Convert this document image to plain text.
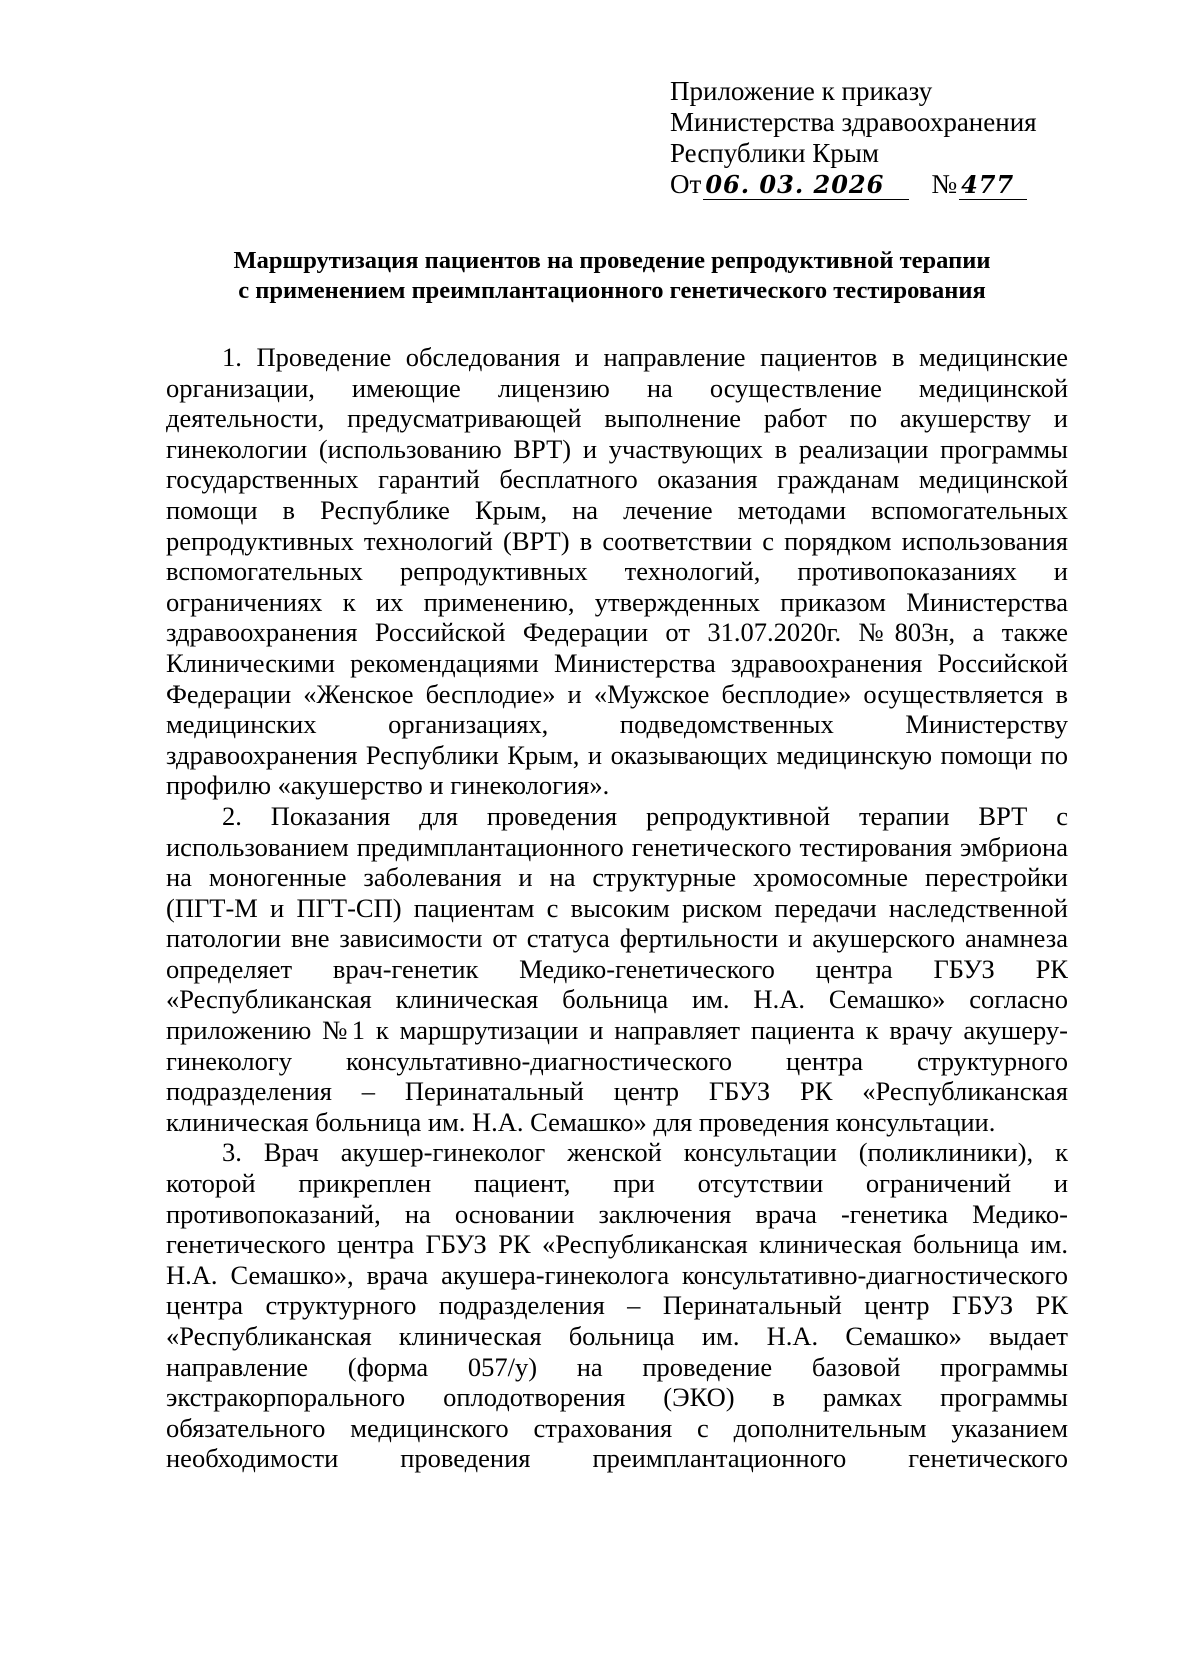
Приложение к приказу
Министерства здравоохранения
Республики Крым
От 06. 03. 2026	№ 477
Маршрутизация пациентов на проведение репродуктивной терапии
с применением преимплантационного генетического тестирования

1. Проведение обследования и направление пациентов в медицинские организации, имеющие лицензию на осуществление медицинской деятельности, предусматривающей выполнение работ по акушерству и гинекологии (использованию ВРТ) и участвующих в реализации программы государственных гарантий бесплатного оказания гражданам медицинской помощи в Республике Крым, на лечение методами вспомогательных репродуктивных технологий (ВРТ) в соответствии с порядком использования вспомогательных репродуктивных технологий, противопоказаниях и ограничениях к их применению, утвержденных приказом Министерства здравоохранения Российской Федерации от 31.07.2020г. №803н, а также Клиническими рекомендациями Министерства здравоохранения Российской Федерации «Женское бесплодие» и «Мужское бесплодие» осуществляется в медицинских организациях, подведомственных Министерству здравоохранения Республики Крым, и оказывающих медицинскую помощи по профилю «акушерство и гинекология».

2. Показания для проведения репродуктивной терапии ВРТ с использованием предимплантационного генетического тестирования эмбриона на моногенные заболевания и на структурные хромосомные перестройки (ПГТ-М и ПГТ-СП) пациентам с высоким риском передачи наследственной патологии вне зависимости от статуса фертильности и акушерского анамнеза определяет врач-генетик Медико-генетического центра ГБУЗ РК «Республиканская клиническая больница им. Н.А. Семашко» согласно приложению №1 к маршрутизации и направляет пациента к врачу акушеру-гинекологу консультативно-диагностического центра структурного подразделения – Перинатальный центр ГБУЗ РК «Республиканская клиническая больница им. Н.А. Семашко» для проведения консультации.

3. Врач акушер-гинеколог женской консультации (поликлиники), к которой прикреплен пациент, при отсутствии ограничений и противопоказаний, на основании заключения врача -генетика Медико-генетического центра ГБУЗ РК «Республиканская клиническая больница им. Н.А. Семашко», врача акушера-гинеколога консультативно-диагностического центра структурного подразделения – Перинатальный центр ГБУЗ РК «Республиканская клиническая больница им. Н.А. Семашко» выдает направление (форма 057/у) на проведение базовой программы экстракорпорального оплодотворения (ЭКО) в рамках программы обязательного медицинского страхования с дополнительным указанием необходимости проведения преимплантационного генетического
